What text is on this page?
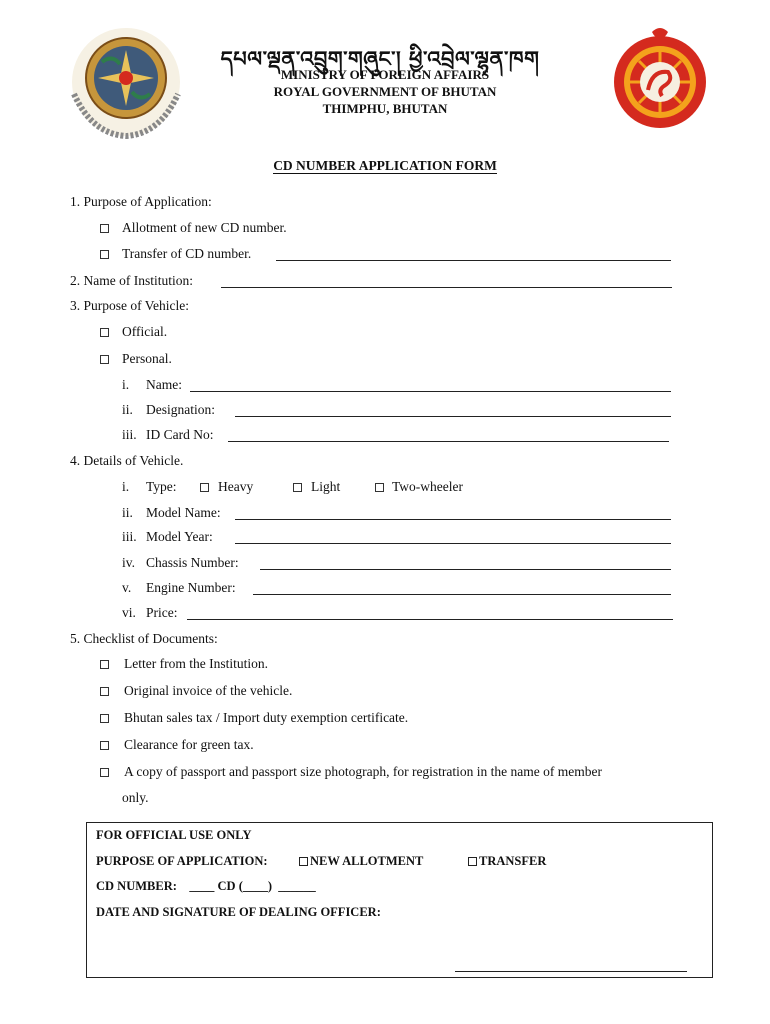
དཔལ་ལྡན་འབྲུག་གཞུང་། ཕྱི་འབྲེལ་ལྷན་ཁག
MINISTRY OF FOREIGN AFFAIRS
ROYAL GOVERNMENT OF BHUTAN
THIMPHU, BHUTAN
CD NUMBER APPLICATION FORM
1. Purpose of Application:
Allotment of new CD number.
Transfer of CD number.
2. Name of Institution:
3. Purpose of Vehicle:
Official.
Personal.
i. Name:
ii. Designation:
iii. ID Card No:
4. Details of Vehicle.
i. Type:	Heavy	Light	Two-wheeler
ii. Model Name:
iii. Model Year:
iv. Chassis Number:
v. Engine Number:
vi. Price:
5. Checklist of Documents:
Letter from the Institution.
Original invoice of the vehicle.
Bhutan sales tax / Import duty exemption certificate.
Clearance for green tax.
A copy of passport and passport size photograph, for registration in the name of member
only.
FOR OFFICIAL USE ONLY
PURPOSE OF APPLICATION:	NEW ALLOTMENT	TRANSFER
CD NUMBER:    ____ CD (____)  ______
DATE AND SIGNATURE OF DEALING OFFICER:
